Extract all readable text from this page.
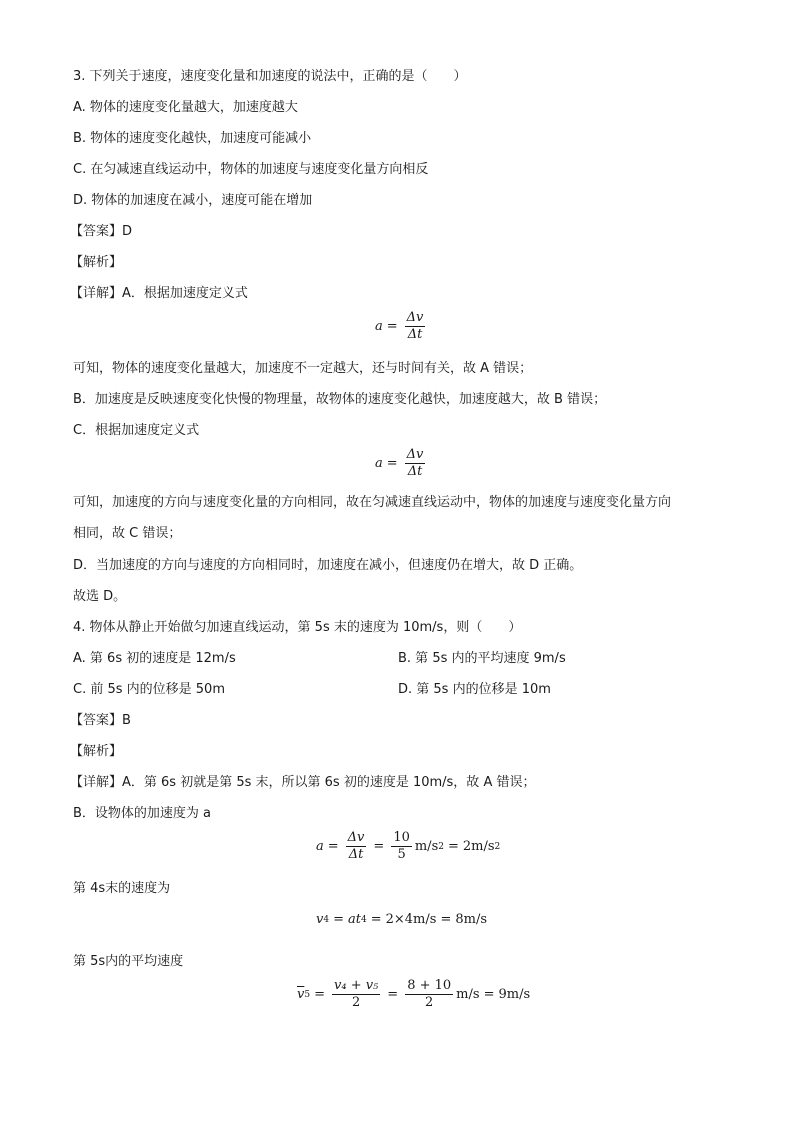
3. 下列关于速度，速度变化量和加速度的说法中，正确的是（　　）
A. 物体的速度变化量越大，加速度越大
B. 物体的速度变化越快，加速度可能减小
C. 在匀减速直线运动中，物体的加速度与速度变化量方向相反
D. 物体的加速度在减小，速度可能在增加
【答案】D
【解析】
【详解】A．根据加速度定义式
$a = \frac{\Delta v}{\Delta t}$
可知，物体的速度变化量越大，加速度不一定越大，还与时间有关，故 A 错误；
B．加速度是反映速度变化快慢的物理量，故物体的速度变化越快，加速度越大，故 B 错误；
C．根据加速度定义式
$a = \frac{\Delta v}{\Delta t}$
可知，加速度的方向与速度变化量的方向相同，故在匀减速直线运动中，物体的加速度与速度变化量方向
相同，故 C 错误；
D．当加速度的方向与速度的方向相同时，加速度在减小，但速度仍在增大，故 D 正确。
故选 D。
4. 物体从静止开始做匀加速直线运动，第 5s 末的速度为 10m/s，则（　　）
A. 第 6s 初的速度是 12m/s	B. 第 5s 内的平均速度 9m/s
C. 前 5s 内的位移是 50m	D. 第 5s 内的位移是 10m
【答案】B
【解析】
【详解】A．第 6s 初就是第 5s 末，所以第 6s 初的速度是 10m/s，故 A 错误；
B．设物体的加速度为 a
$a = \frac{\Delta v}{\Delta t} = \frac{10}{5} m/s$ 2 = 2m/s 2
第 4s末的速度为
v 4 = at 4 = 2×4m/s = 8m/s
第 5s内的平均速度
$\overline{v}$ $5 = \frac{\text{v₄ + v₅}}{2} = \frac{8 + 10}{2} m/s = 9m/s$
